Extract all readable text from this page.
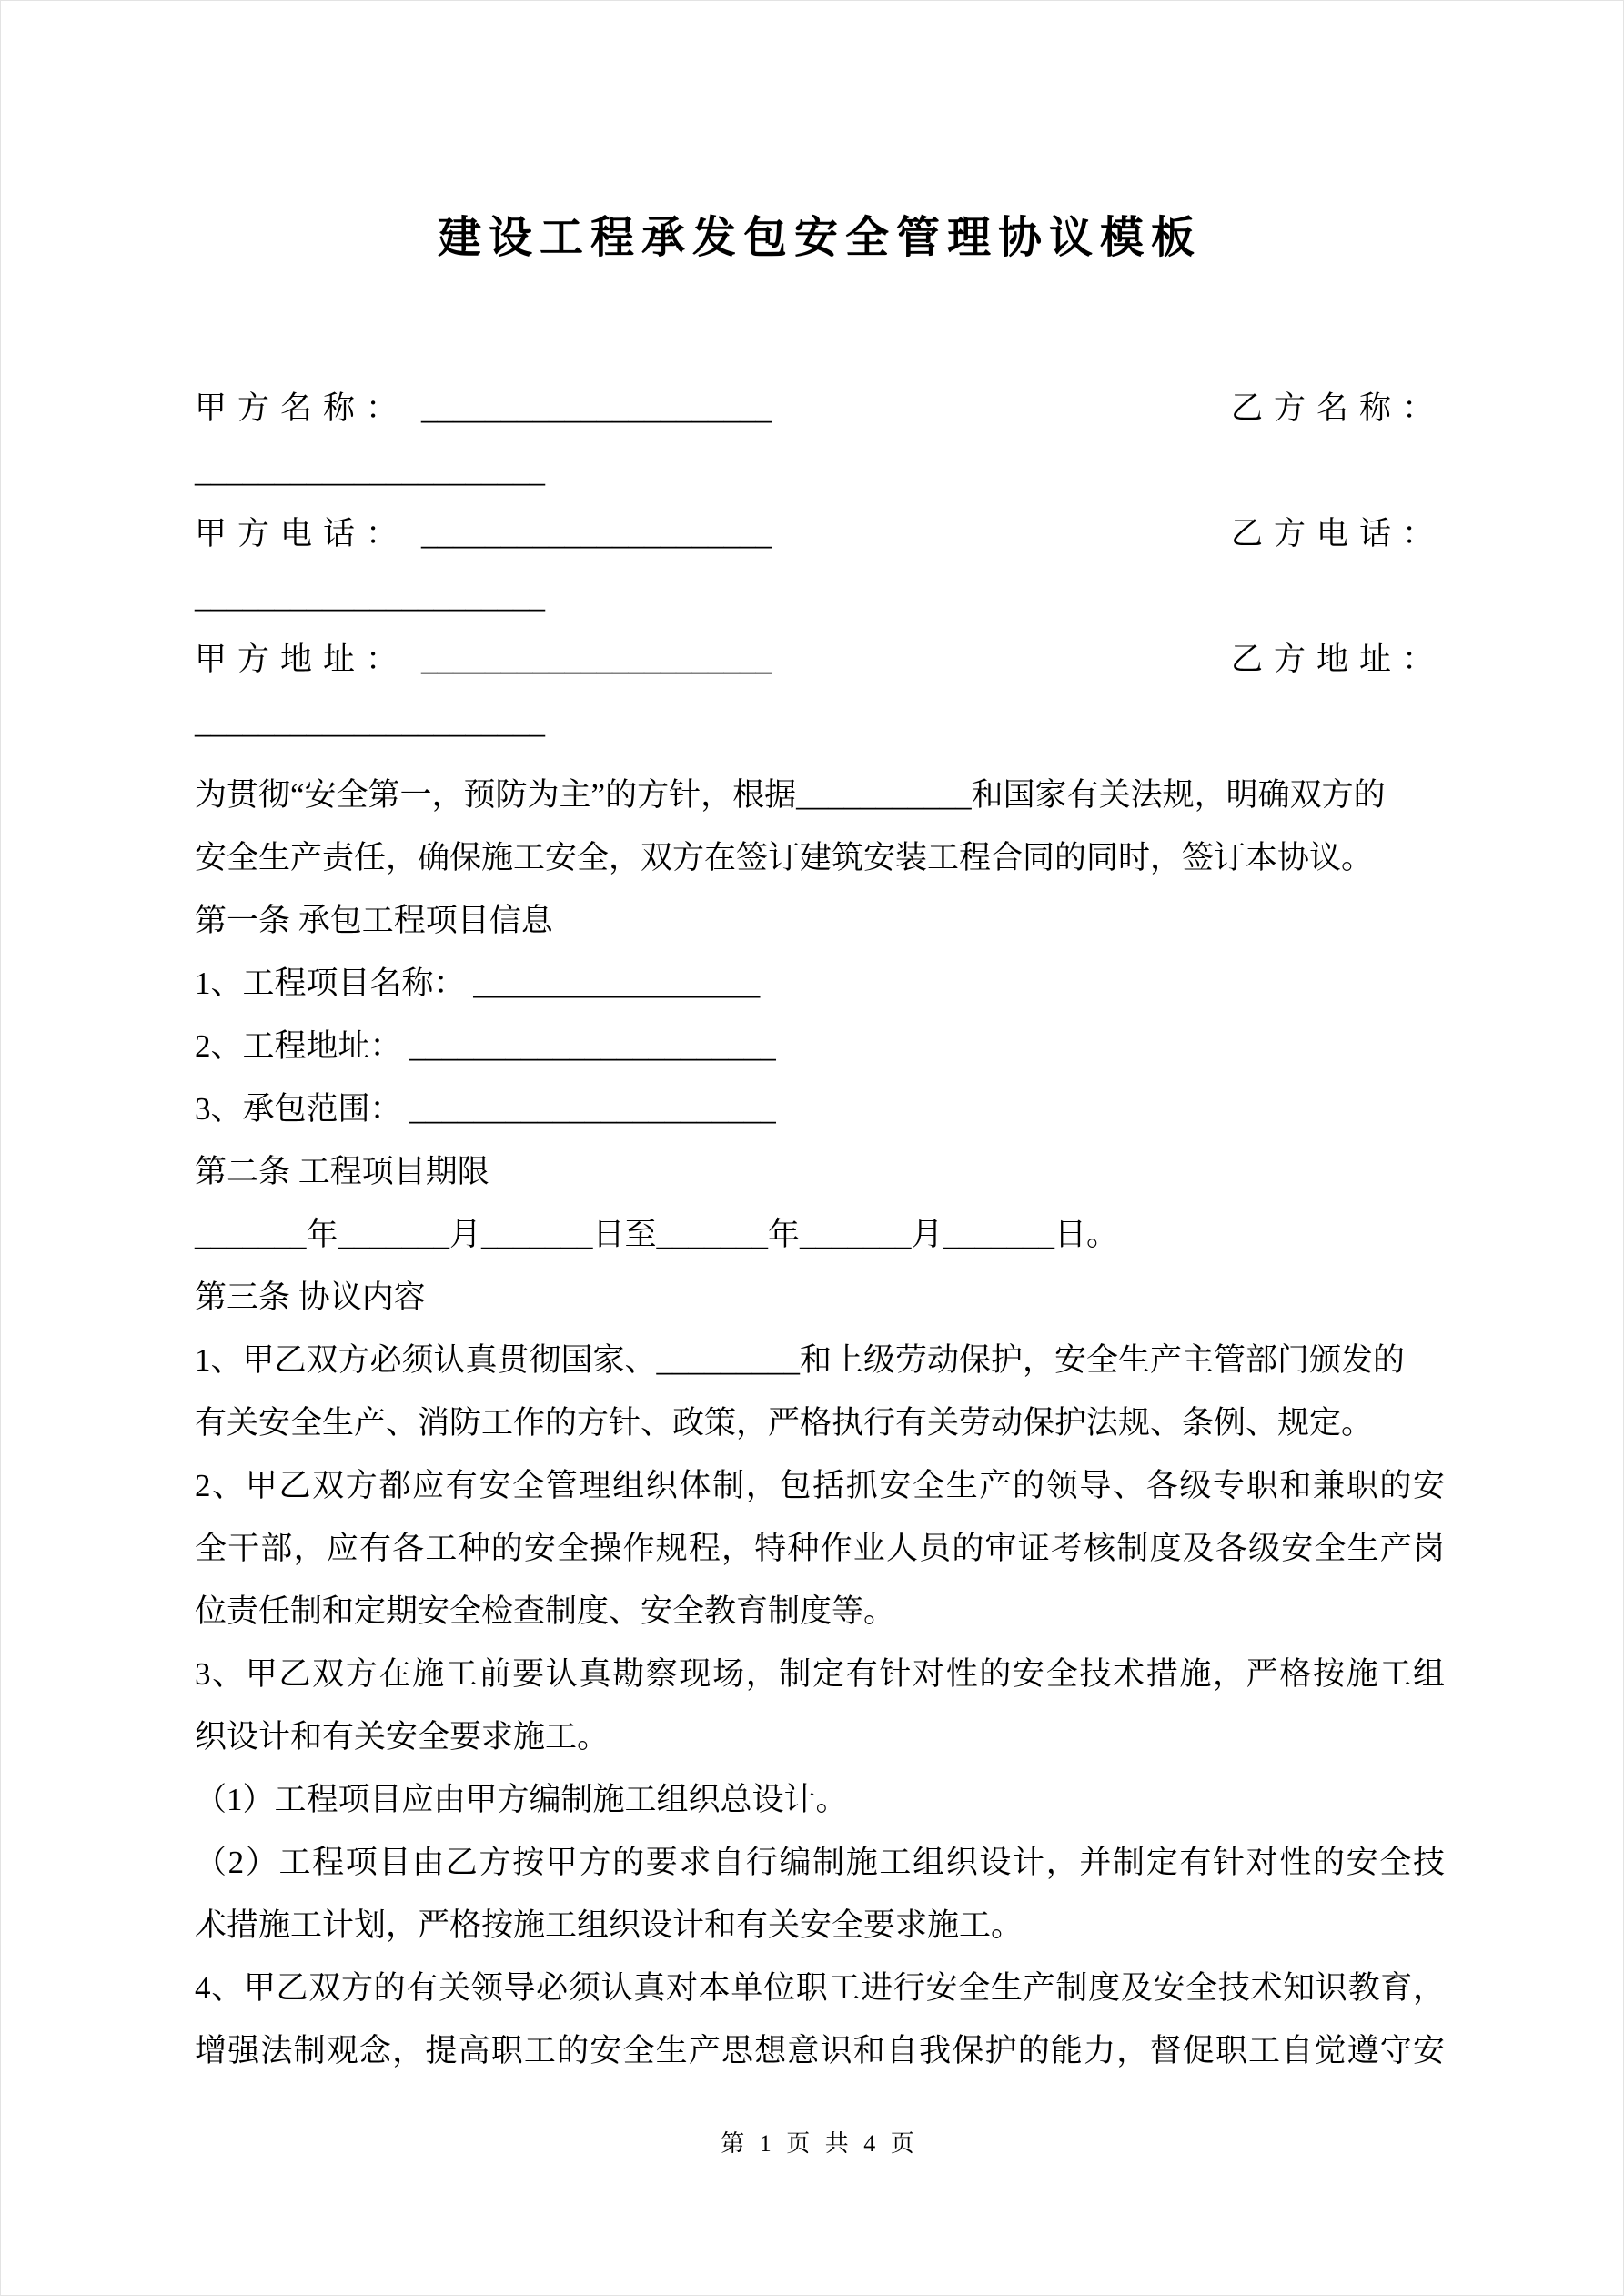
建设工程承发包安全管理协议模板
甲方名称： ______________________	乙方名称：
______________________
甲方电话： ______________________	乙方电话：
______________________
甲方地址： ______________________	乙方地址：
______________________

为贯彻“安全第一，预防为主”的方针，根据___________和国家有关法规，明确双方的

安全生产责任，确保施工安全，双方在签订建筑安装工程合同的同时，签订本协议。

第一条 承包工程项目信息

1、工程项目名称： __________________

2、工程地址： _______________________

3、承包范围： _______________________

第二条 工程项目期限

_______年_______月_______日至_______年_______月_______日。

第三条 协议内容

1、甲乙双方必须认真贯彻国家、_________和上级劳动保护，安全生产主管部门颁发的

有关安全生产、消防工作的方针、政策，严格执行有关劳动保护法规、条例、规定。

2、甲乙双方都应有安全管理组织体制，包括抓安全生产的领导、各级专职和兼职的安

全干部，应有各工种的安全操作规程，特种作业人员的审证考核制度及各级安全生产岗

位责任制和定期安全检查制度、安全教育制度等。

3、甲乙双方在施工前要认真勘察现场，制定有针对性的安全技术措施，严格按施工组

织设计和有关安全要求施工。

（1）工程项目应由甲方编制施工组织总设计。

（2）工程项目由乙方按甲方的要求自行编制施工组织设计，并制定有针对性的安全技

术措施工计划，严格按施工组织设计和有关安全要求施工。

4、甲乙双方的有关领导必须认真对本单位职工进行安全生产制度及安全技术知识教育，

增强法制观念，提高职工的安全生产思想意识和自我保护的能力，督促职工自觉遵守安

第 1 页 共 4 页
